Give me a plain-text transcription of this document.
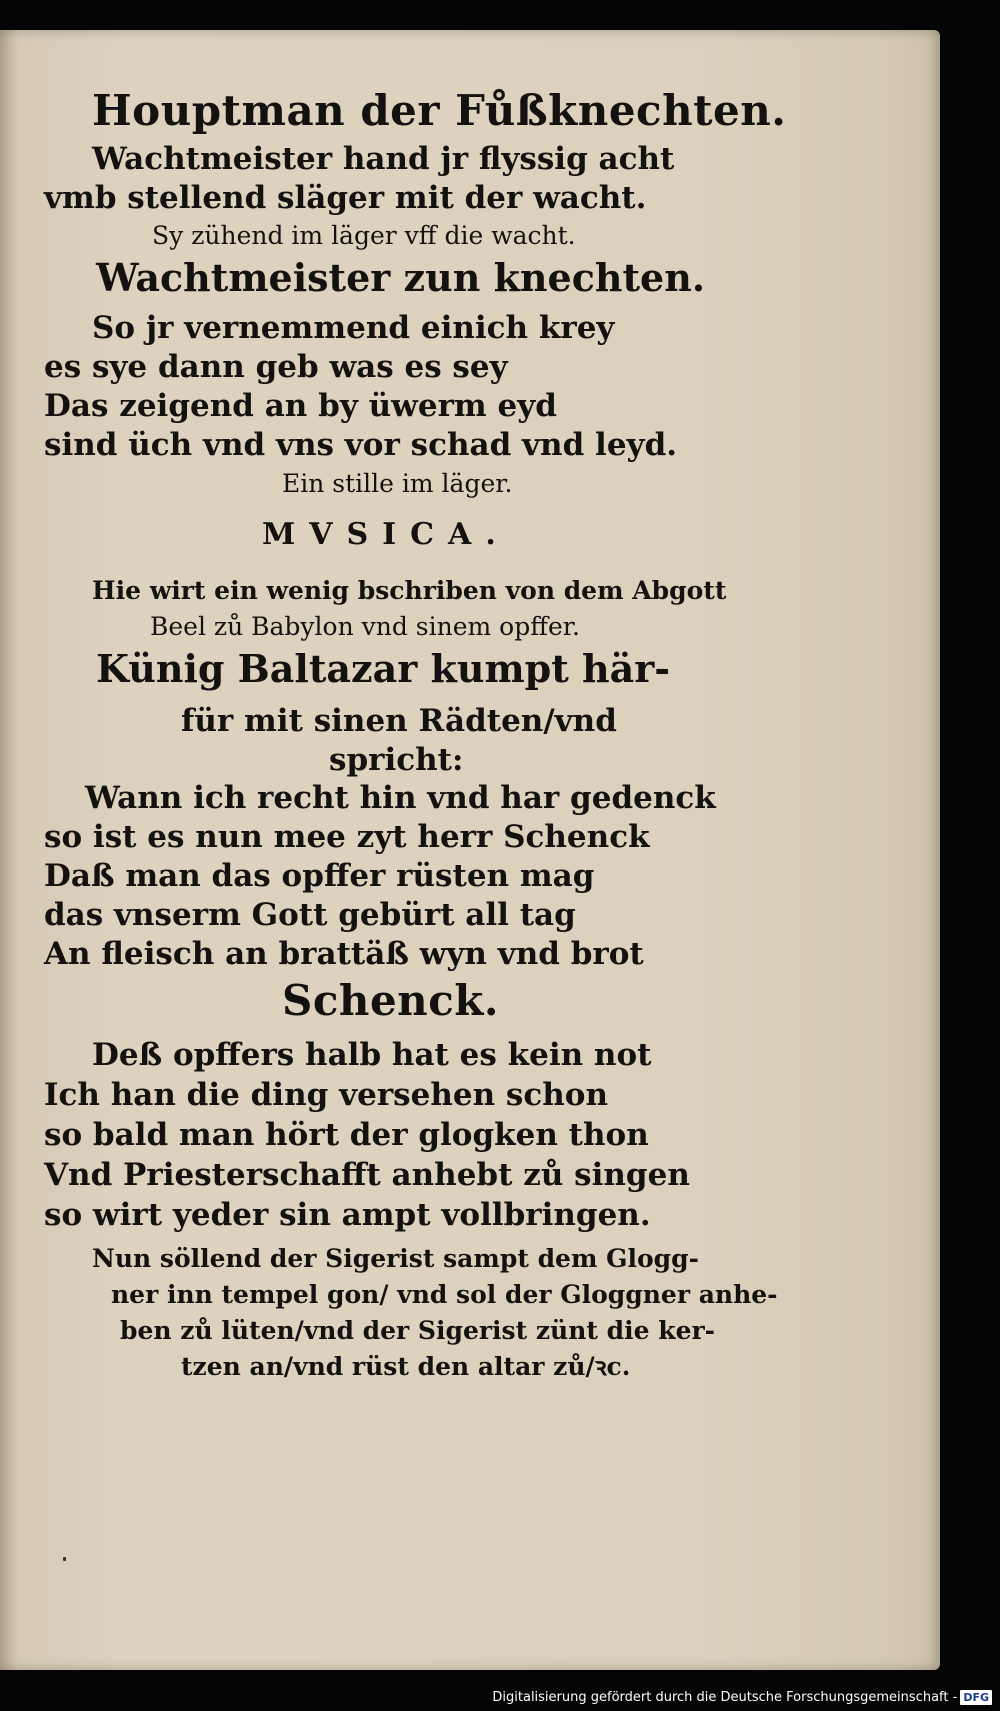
Houptman der Fůßknechten.
Wachtmeister hand jr flyssig acht
vmb stellend släger mit der wacht.
Sy zühend im läger vff die wacht.
Wachtmeister zun knechten.
So jr vernemmend einich krey
es sye dann geb was es sey
Das zeigend an by üwerm eyd
sind üch vnd vns vor schad vnd leyd.
Ein stille im läger.
MVSICA.
Hie wirt ein wenig bschriben von dem Abgott
Beel zů Babylon vnd sinem opffer.
Künig Baltazar kumpt här-
für mit sinen Rädten/vnd
spricht:
Wann ich recht hin vnd har gedenck
so ist es nun mee zyt herr Schenck
Daß man das opffer rüsten mag
das vnserm Gott gebürt all tag
An fleisch an brattäß wyn vnd brot
Schenck.
Deß opffers halb hat es kein not
Ich han die ding versehen schon
so bald man hört der glogken thon
Vnd Priesterschafft anhebt zů singen
so wirt yeder sin ampt vollbringen.
Nun söllend der Sigerist sampt dem Glogg-
ner inn tempel gon/ vnd sol der Gloggner anhe-
ben zů lüten/vnd der Sigerist zünt die ker-
tzen an/vnd rüst den altar zů/ꝛc.
Digitalisierung gefördert durch die Deutsche Forschungsgemeinschaft - DFG
